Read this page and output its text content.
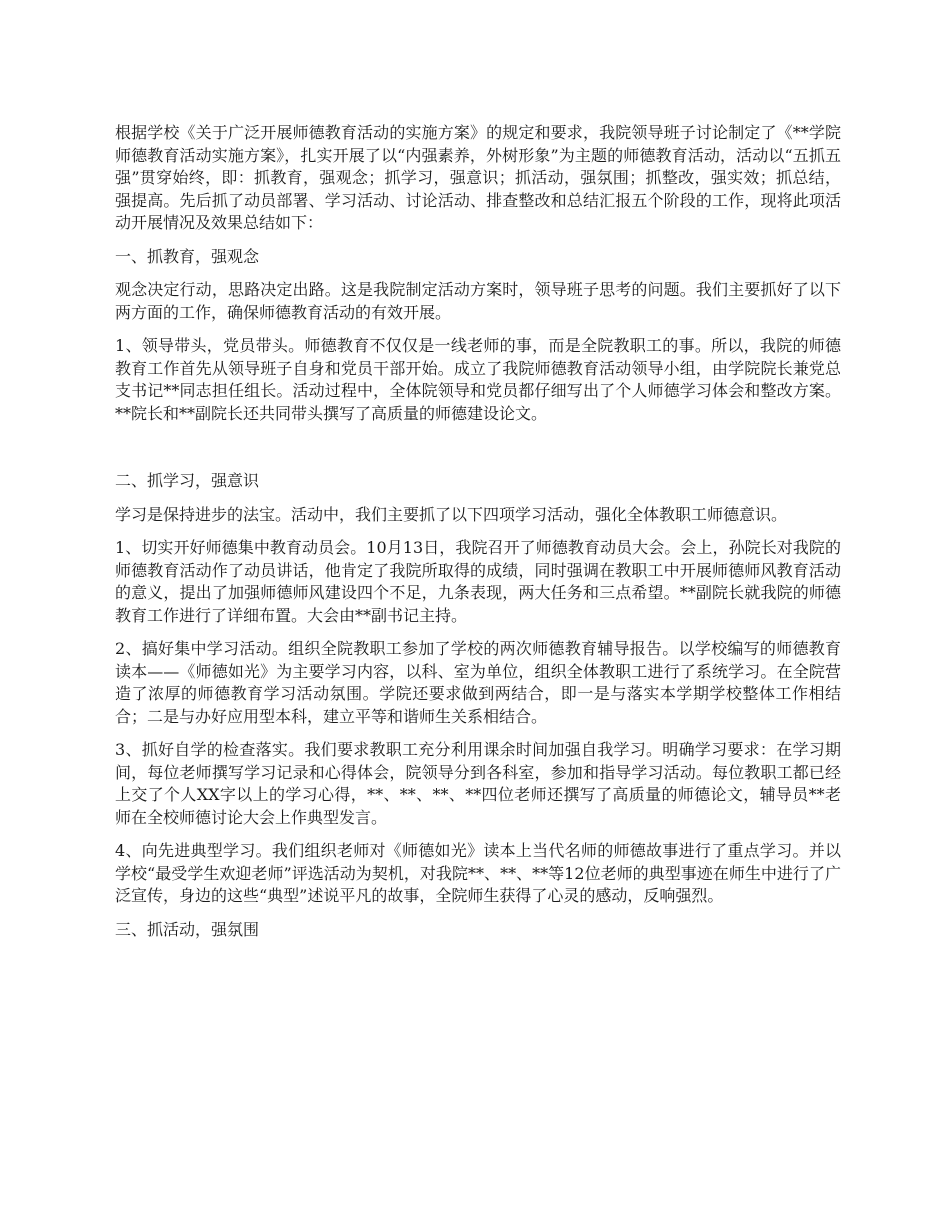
根据学校《关于广泛开展师德教育活动的实施方案》的规定和要求，我院领导班子讨论制定了《**学院师德教育活动实施方案》，扎实开展了以“内强素养，外树形象”为主题的师德教育活动，活动以“五抓五强”贯穿始终，即：抓教育，强观念；抓学习，强意识；抓活动，强氛围；抓整改，强实效；抓总结，强提高。先后抓了动员部署、学习活动、讨论活动、排查整改和总结汇报五个阶段的工作，现将此项活动开展情况及效果总结如下：

一、抓教育，强观念

观念决定行动，思路决定出路。这是我院制定活动方案时，领导班子思考的问题。我们主要抓好了以下两方面的工作，确保师德教育活动的有效开展。

1、领导带头，党员带头。师德教育不仅仅是一线老师的事，而是全院教职工的事。所以，我院的师德教育工作首先从领导班子自身和党员干部开始。成立了我院师德教育活动领导小组，由学院院长兼党总支书记**同志担任组长。活动过程中，全体院领导和党员都仔细写出了个人师德学习体会和整改方案。**院长和**副院长还共同带头撰写了高质量的师德建设论文。

二、抓学习，强意识

学习是保持进步的法宝。活动中，我们主要抓了以下四项学习活动，强化全体教职工师德意识。

1、切实开好师德集中教育动员会。10月13日，我院召开了师德教育动员大会。会上，孙院长对我院的师德教育活动作了动员讲话，他肯定了我院所取得的成绩，同时强调在教职工中开展师德师风教育活动的意义，提出了加强师德师风建设四个不足，九条表现，两大任务和三点希望。**副院长就我院的师德教育工作进行了详细布置。大会由**副书记主持。

2、搞好集中学习活动。组织全院教职工参加了学校的两次师德教育辅导报告。以学校编写的师德教育读本——《师德如光》为主要学习内容，以科、室为单位，组织全体教职工进行了系统学习。在全院营造了浓厚的师德教育学习活动氛围。学院还要求做到两结合，即一是与落实本学期学校整体工作相结合；二是与办好应用型本科，建立平等和谐师生关系相结合。

3、抓好自学的检查落实。我们要求教职工充分利用课余时间加强自我学习。明确学习要求：在学习期间，每位老师撰写学习记录和心得体会，院领导分到各科室，参加和指导学习活动。每位教职工都已经上交了个人XX字以上的学习心得，**、**、**、**四位老师还撰写了高质量的师德论文，辅导员**老师在全校师德讨论大会上作典型发言。

4、向先进典型学习。我们组织老师对《师德如光》读本上当代名师的师德故事进行了重点学习。并以学校“最受学生欢迎老师”评选活动为契机，对我院**、**、**等12位老师的典型事迹在师生中进行了广泛宣传，身边的这些“典型”述说平凡的故事，全院师生获得了心灵的感动，反响强烈。

三、抓活动，强氛围
